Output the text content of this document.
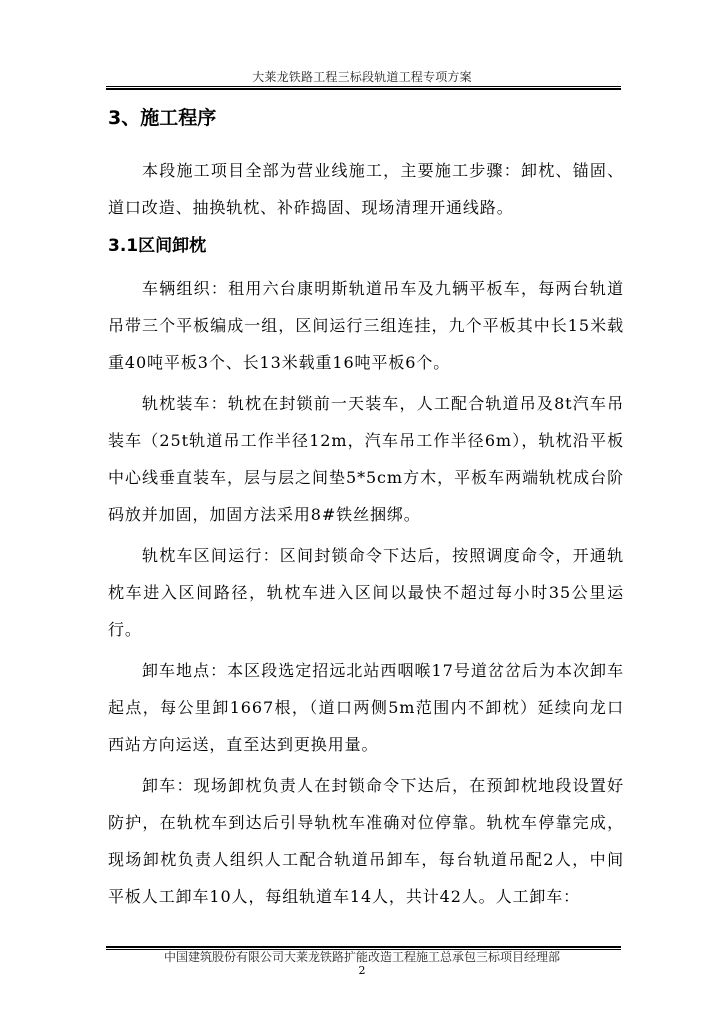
大莱龙铁路工程三标段轨道工程专项方案
3、施工程序

本段施工项目全部为营业线施工，主要施工步骤：卸枕、锚固、道口改造、抽换轨枕、补砟捣固、现场清理开通线路。

3.1区间卸枕

车辆组织：租用六台康明斯轨道吊车及九辆平板车，每两台轨道吊带三个平板编成一组，区间运行三组连挂，九个平板其中长15米载重40吨平板3个、长13米载重16吨平板6个。

轨枕装车：轨枕在封锁前一天装车，人工配合轨道吊及8t汽车吊装车（25t轨道吊工作半径12m，汽车吊工作半径6m），轨枕沿平板中心线垂直装车，层与层之间垫5*5cm方木，平板车两端轨枕成台阶码放并加固，加固方法采用8#铁丝捆绑。

轨枕车区间运行：区间封锁命令下达后，按照调度命令，开通轨枕车进入区间路径，轨枕车进入区间以最快不超过每小时35公里运行。

卸车地点：本区段选定招远北站西咽喉17号道岔岔后为本次卸车起点，每公里卸1667根，（道口两侧5m范围内不卸枕）延续向龙口西站方向运送，直至达到更换用量。

卸车：现场卸枕负责人在封锁命令下达后，在预卸枕地段设置好防护，在轨枕车到达后引导轨枕车准确对位停靠。轨枕车停靠完成，现场卸枕负责人组织人工配合轨道吊卸车，每台轨道吊配2人，中间平板人工卸车10人，每组轨道车14人，共计42人。人工卸车：

中国建筑股份有限公司大莱龙铁路扩能改造工程施工总承包三标项目经理部
2
